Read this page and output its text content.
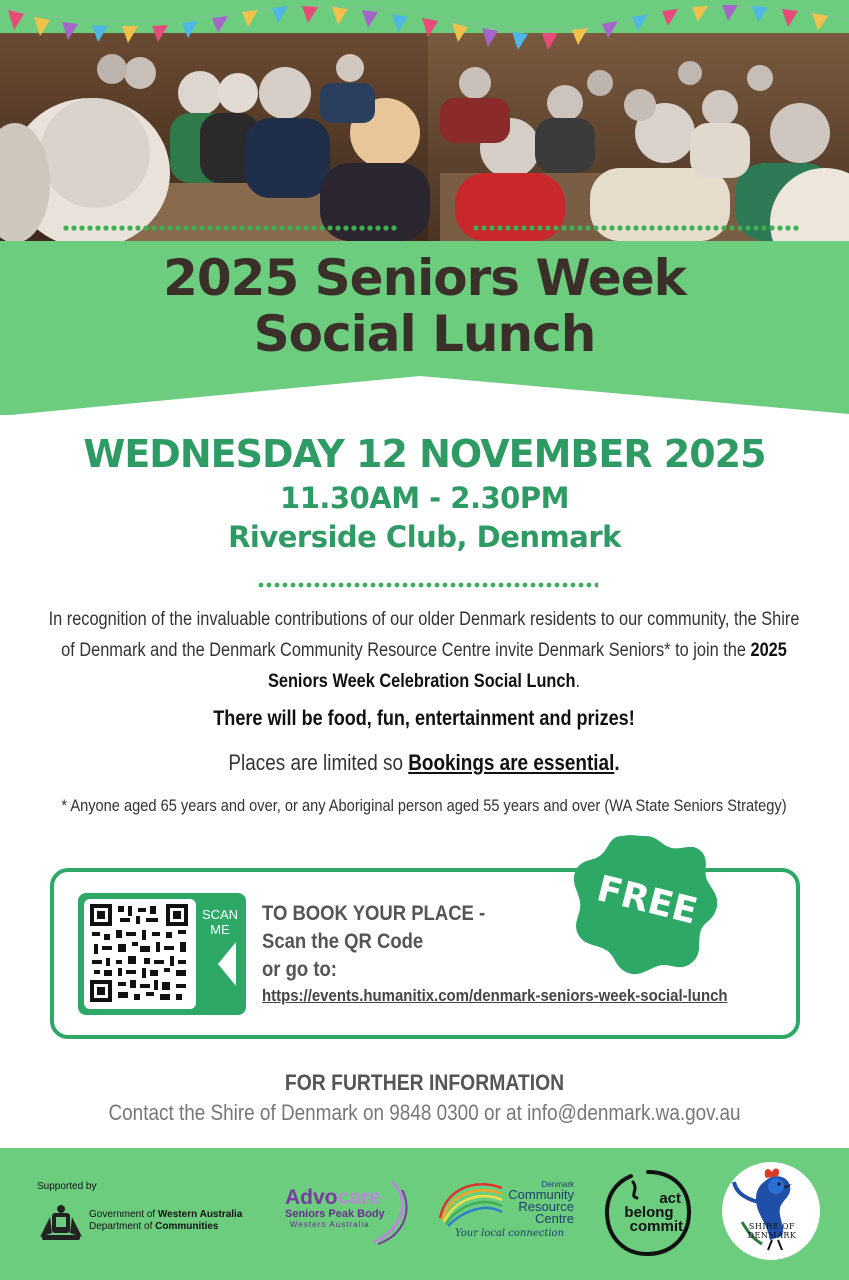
2025 Seniors Week
Social Lunch
WEDNESDAY 12 NOVEMBER 2025
11.30AM - 2.30PM
Riverside Club, Denmark
In recognition of the invaluable contributions of our older Denmark residents to our community, the Shire of Denmark and the Denmark Community Resource Centre invite Denmark Seniors* to join the 2025 Seniors Week Celebration Social Lunch.
There will be food, fun, entertainment and prizes!
Places are limited so Bookings are essential.
* Anyone aged 65 years and over, or any Aboriginal person aged 55 years and over (WA State Seniors Strategy)
SCAN ME
TO BOOK YOUR PLACE -
Scan the QR Code
or go to:
https://events.humanitix.com/denmark-seniors-week-social-lunch
FREE
FOR FURTHER INFORMATION
Contact the Shire of Denmark on 9848 0300 or at info@denmark.wa.gov.au
Supported by
Government of Western Australia
Department of Communities
Advocare
Seniors Peak Body
Western Australia
Denmark
Community
Resource
Centre
Your local connection
act
belong
commit	SHIRE OF DENMARK
